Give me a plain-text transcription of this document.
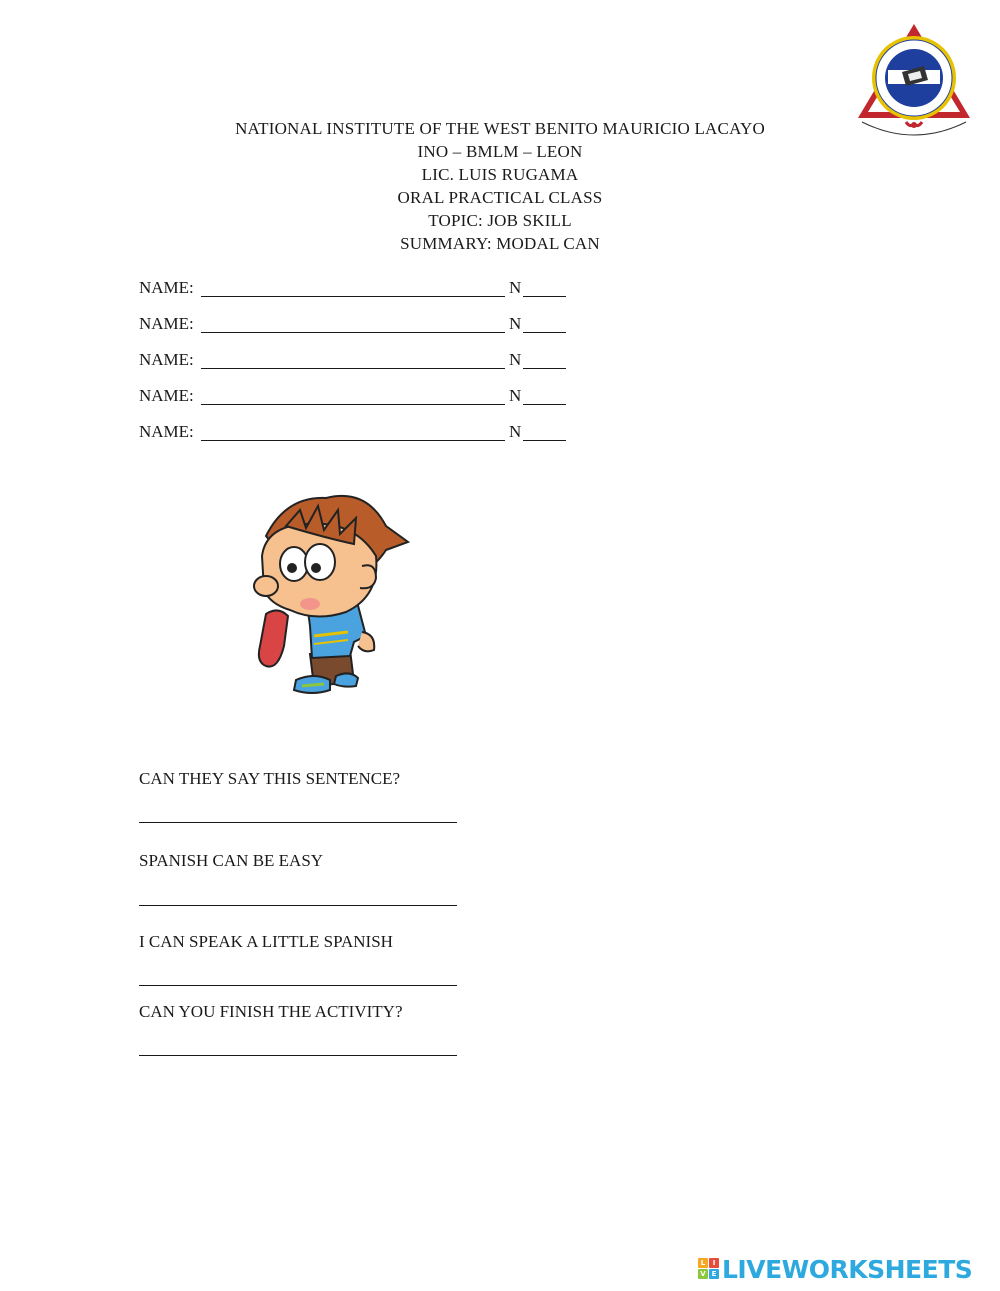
NATIONAL INSTITUTE OF THE WEST BENITO MAURICIO LACAYO
INO – BMLM – LEON
LIC. LUIS RUGAMA
ORAL PRACTICAL CLASS
TOPIC: JOB SKILL
SUMMARY: MODAL CAN
NAME:	N
NAME:	N
NAME:	N
NAME:	N
NAME:	N
CAN THEY SAY THIS SENTENCE?
SPANISH CAN BE EASY
I CAN SPEAK A LITTLE SPANISH
CAN YOU FINISH THE ACTIVITY?
L	I
V E LIVEWORKSHEETS
